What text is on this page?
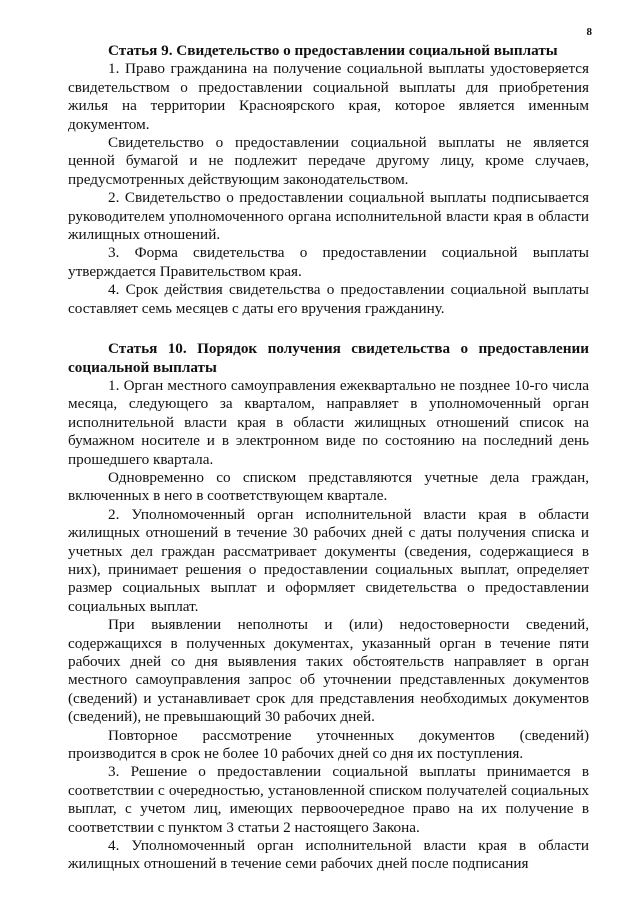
8

Статья 9. Свидетельство о предоставлении социальной выплаты

1. Право гражданина на получение социальной выплаты удостоверяется свидетельством о предоставлении социальной выплаты для приобретения жилья на территории Красноярского края, которое является именным документом.

Свидетельство о предоставлении социальной выплаты не является ценной бумагой и не подлежит передаче другому лицу, кроме случаев, предусмотренных действующим законодательством.

2. Свидетельство о предоставлении социальной выплаты подписывается руководителем уполномоченного органа исполнительной власти края в области жилищных отношений.

3. Форма свидетельства о предоставлении социальной выплаты утверждается Правительством края.

4. Срок действия свидетельства о предоставлении социальной выплаты составляет семь месяцев с даты его вручения гражданину.

Статья 10. Порядок получения свидетельства о предоставлении социальной выплаты

1. Орган местного самоуправления ежеквартально не позднее 10-го числа месяца, следующего за кварталом, направляет в уполномоченный орган исполнительной власти края в области жилищных отношений список на бумажном носителе и в электронном виде по состоянию на последний день прошедшего квартала.

Одновременно со списком представляются учетные дела граждан, включенных в него в соответствующем квартале.

2. Уполномоченный орган исполнительной власти края в области жилищных отношений в течение 30 рабочих дней с даты получения списка и учетных дел граждан рассматривает документы (сведения, содержащиеся в них), принимает решения о предоставлении социальных выплат, определяет размер социальных выплат и оформляет свидетельства о предоставлении социальных выплат.

При выявлении неполноты и (или) недостоверности сведений, содержащихся в полученных документах, указанный орган в течение пяти рабочих дней со дня выявления таких обстоятельств направляет в орган местного самоуправления запрос об уточнении представленных документов (сведений) и устанавливает срок для представления необходимых документов (сведений), не превышающий 30 рабочих дней.

Повторное рассмотрение уточненных документов (сведений) производится в срок не более 10 рабочих дней со дня их поступления.

3. Решение о предоставлении социальной выплаты принимается в соответствии с очередностью, установленной списком получателей социальных выплат, с учетом лиц, имеющих первоочередное право на их получение в соответствии с пунктом 3 статьи 2 настоящего Закона.

4. Уполномоченный орган исполнительной власти края в области жилищных отношений в течение семи рабочих дней после подписания
